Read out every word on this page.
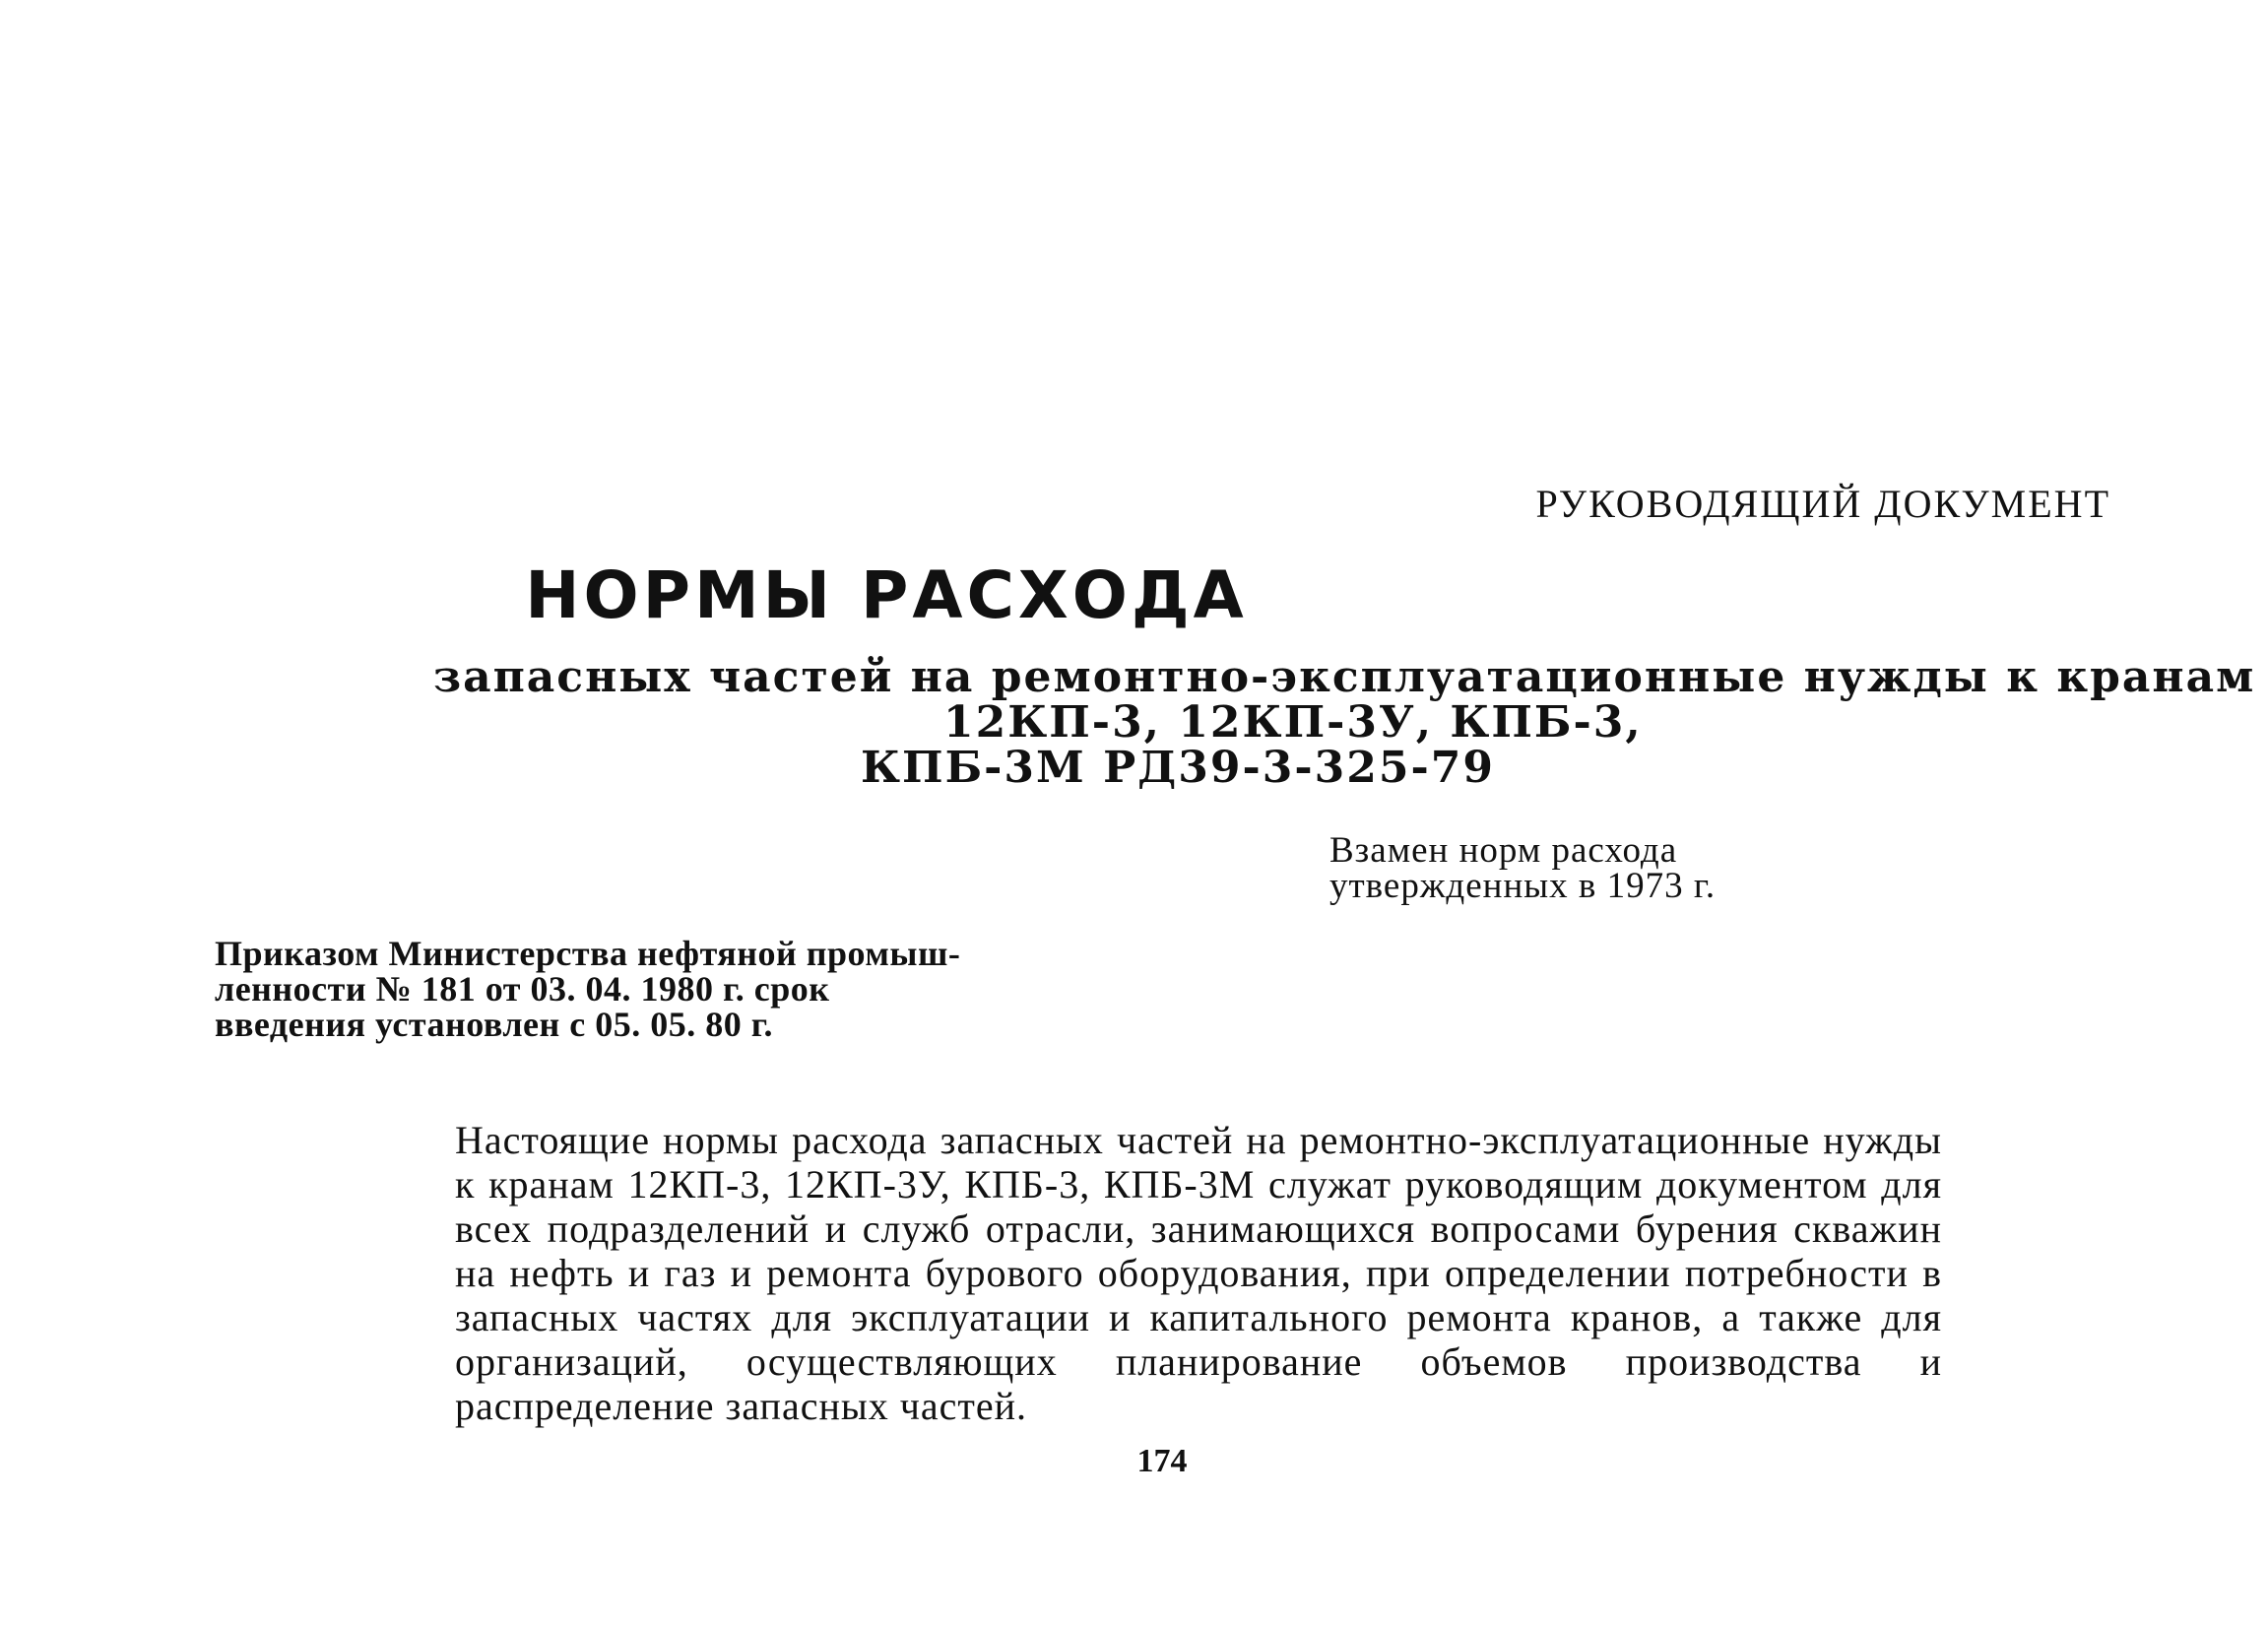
РУКОВОДЯЩИЙ ДОКУМЕНТ
НОРМЫ РАСХОДА
запасных частей на ремонтно-эксплуатационные нужды к кранам
12КП-3, 12КП-3У, КПБ-3,
КПБ-3М РД39-3-325-79
Взамен норм расхода
утвержденных в 1973 г.
Приказом Министерства нефтяной промыш-
ленности № 181 от 03. 04. 1980 г. срок
введения установлен с 05. 05. 80 г.

Настоящие нормы расхода запасных частей на ремонтно-эксплуатационные нужды к кранам 12КП-3, 12КП-3У, КПБ-3, КПБ-3М служат руководящим документом для всех подразделений и служб отрасли, занимающихся вопросами бурения скважин на нефть и газ и ремонта бурового оборудования, при определении потребности в запасных частях для эксплуатации и капитального ремонта кранов, а также для организаций, осуществляющих планирование объемов производства и распределение запасных частей.

174
